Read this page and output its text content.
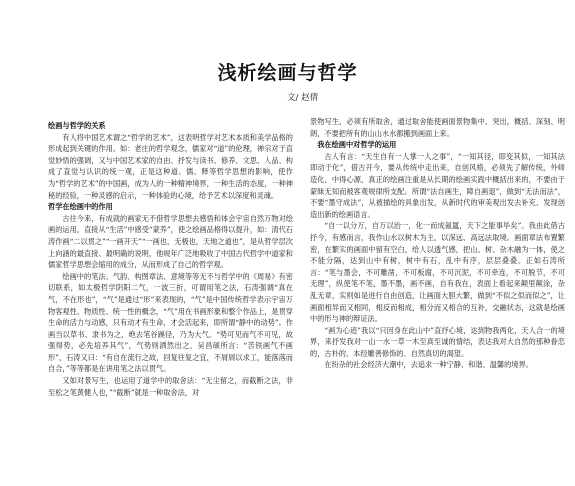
浅析绘画与哲学
文/ 赵倩
绘画与哲学的关系

有人将中国艺术谓之“哲学的艺术”，这表明哲学对艺术本质和美学品格的形成起到关键的作用。如：老庄的哲学观念，儒家对“道”的伦理，禅宗对于直觉妙悟的强调，又与中国艺术家的自由、抒发与读书、修养、文思、人品、构成了直觉与认识的统一观，正是这种道、儒、释等哲学思想的影响，使作为“哲学的艺术”的中国画，成为人的一种精神境界，一种生活的态度，一种神秘的经验，一种灵感的启示，一种体验的心境，给予艺术以深度和灵魂。

哲学在绘画中的作用

古往今来，有成就的画家无不借哲学思想去感悟和体会宇宙自然万物对绘画的运用，直接从“生活”中感受“蒙养”，使之绘画品格得以提升，如：清代石涛作画“二以贯之”“一画开天”“一画也，无极也，天地之道也”，是从哲学层次上向涵的最直接、最明确的说明，他规年广泛地吸收了中国古代哲学中道家和儒家哲学思想会缩用的成分，从而形成了自己的哲学观。

绘画中的笔法、气韵、构图章法、意境等等无不与哲学中的《周易》有密切联系，如太极哲学阴阳二气，一波三折，可谓用笔之法，石涛强调“真在气，不在形也”，“气”是通过“形”来表现的，“气”是中国传统哲学表示宇宙万物客观性、物质性、统一性的概念，“气”用在书画形象和整个作品上，是贯穿生命的活力与动感，只有动才有生命，才会活起来，即所谓“静中的动势”。作画当以草书、隶书为之，绝去笔谷蹊径，乃为大气。“势可见而气不可见，故强得势，必先培养其气”，气势则洒然出之，吴昌硕所言：“苦铁画气不画形”，石涛又曰：“有自在流行之故，回复往复之宜，不屑屑以求工，能落落而自合，”等等都是在讲用笔之法以贯气。

又如对景写生，也运用了道学中的取舍法：“无尘留之，而截断之法，非至松之笔黄健人也，”“截断”就是一种取舍法，对

景物写生，必须有所取舍，通过取舍能使画面景物集中、突出，概括、深刻、明朗，不要把所有的山山水水都搬到画面上来。

我在绘画中对哲学的运用

古人有言：“天生自有一人掌一人之事”，“一知其径，即变其似，一知其法即动于化”，借古开今，要从传统中走出来，自创风格，必须先了解传统，外师造化，中得心源，真正的绘画注重是从长期的绘画实践中概括出来的，不要由于蒙昧无知而被客观规律所支配。所谓“法自画生，障自画退”，做到“无法而法”，不要“墨守成法”，从被描绘的具象出发，从新时代的审美观出发去补充、发现创造出新的绘画语言。

“自一以分万，自万以治一，化一而成氤氲，天下之能事毕矣”。我由此借古抒今，有感而言，我作山水以树木为主，以深远、高远法取境。画面章法布置繁密，在繁实的画面中留有空白，给人以透气感，把山、树、杂木融为一体，使之不能分隔，达到山中有树，树中有石，乱中有序，层层叠叠。正如石涛所言：“笔与墨会，不可雕凿，不可板腐，不可沉泥，不可牵连，不可脱节，不可无理”，纵使笔不笔，墨不墨，画不画，自有我在，表面上看起来颠里颠涂，杂乱无章，实则如是进行自由创造，让画面大胆大繁，做到“不似之似而似之”，让画面相异而又相同，相反而相成，相分而又相合的互补，交融状态，这就是绘画中的形与神的辩证法。

“画为心迹”我以“只因身在此山中”直抒心境，达到物我两化，天人合一的境界，来抒发我对一山一水一草一木至真至诚的情结，表达我对大自然的那种眷恋的，古朴的、本经雕善修饰的、自然真切的渴望。

在纷杂的社会经济大潮中，去追求一种宁静、和谐、温馨的境界。
